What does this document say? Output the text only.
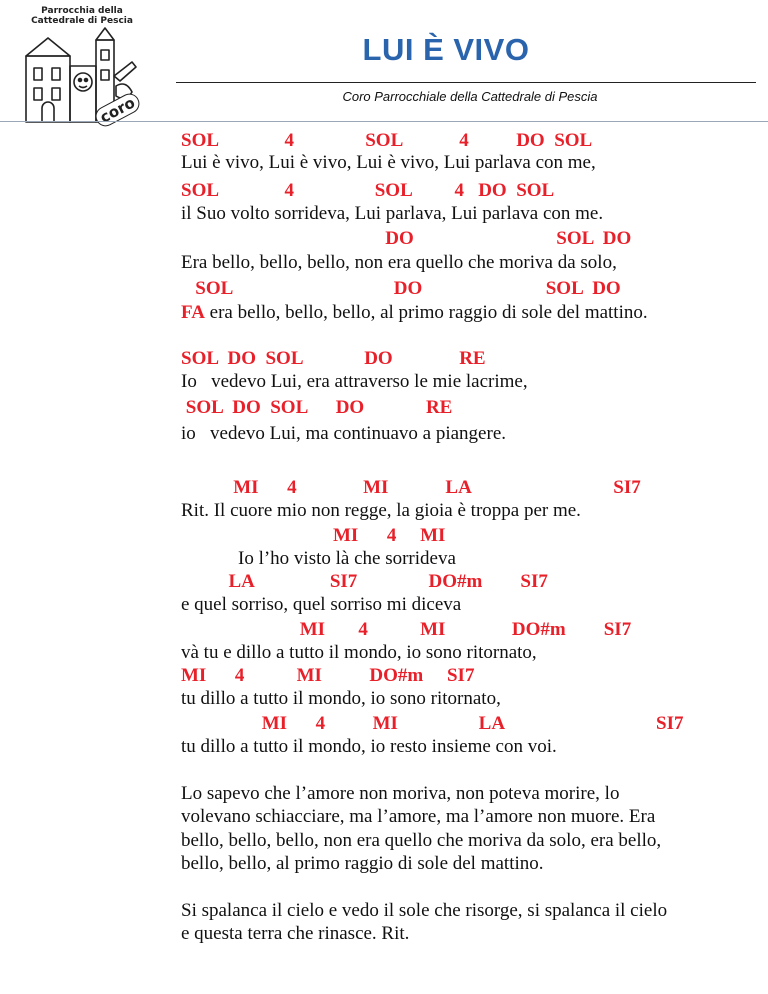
Parrocchia della
Cattedrale di Pescia
coro
LUI È VIVO
Coro Parrocchiale della Cattedrale di Pescia
SOL              4               SOL            4          DO  SOL
Lui è vivo, Lui è vivo, Lui è vivo, Lui parlava con me,
SOL              4                 SOL         4   DO  SOL
il Suo volto sorrideva, Lui parlava, Lui parlava con me.
DO                              SOL  DO
Era bello, bello, bello, non era quello che moriva da solo,
SOL                                  DO                          SOL  DO
FA era bello, bello, bello, al primo raggio di sole del mattino.
SOL  DO  SOL             DO              RE
Io   vedevo Lui, era attraverso le mie lacrime,
SOL  DO  SOL      DO             RE
io   vedevo Lui, ma continuavo a piangere.
MI      4              MI            LA                              SI7
Rit. Il cuore mio non regge, la gioia è troppa per me.
MI      4     MI
Io l’ho visto là che sorrideva
LA                SI7               DO#m        SI7
e quel sorriso, quel sorriso mi diceva
MI       4           MI              DO#m        SI7
và tu e dillo a tutto il mondo, io sono ritornato,
MI      4           MI          DO#m     SI7
tu dillo a tutto il mondo, io sono ritornato,
MI      4          MI                 LA                                SI7
tu dillo a tutto il mondo, io resto insieme con voi.
Lo sapevo che l’amore non moriva, non poteva morire, lo
volevano schiacciare, ma l’amore, ma l’amore non muore. Era
bello, bello, bello, non era quello che moriva da solo, era bello,
bello, bello, al primo raggio di sole del mattino.
Si spalanca il cielo e vedo il sole che risorge, si spalanca il cielo
e questa terra che rinasce. Rit.
